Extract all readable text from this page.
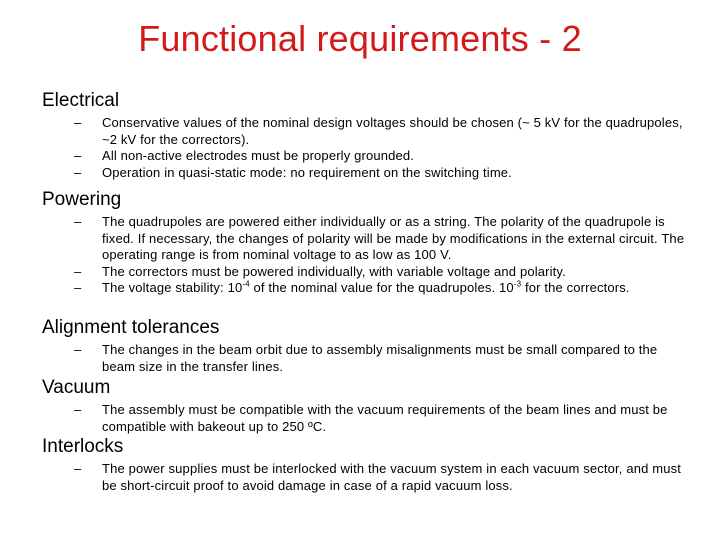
Functional requirements - 2
Electrical
– Conservative values of the nominal design voltages should be chosen (~ 5 kV for the quadrupoles, ~2 kV for the correctors).
– All non-active electrodes must be properly grounded.
– Operation in quasi-static mode: no requirement on the switching time.
Powering
– The quadrupoles are powered either individually or as a string. The polarity of the quadrupole is fixed. If necessary, the changes of polarity will be made by modifications in the external circuit. The operating range is from nominal voltage to as low as 100 V.
– The correctors must be powered individually, with variable voltage and polarity.
– The voltage stability: $10^{-4}$ of the nominal value for the quadrupoles. $10^{-3}$ for the correctors.
Alignment tolerances
– The changes in the beam orbit due to assembly misalignments must be small compared to the beam size in the transfer lines.
Vacuum
– The assembly must be compatible with the vacuum requirements of the beam lines and must be compatible with bakeout up to 250 ºC.
Interlocks
– The power supplies must be interlocked with the vacuum system in each vacuum sector, and must be short-circuit proof to avoid damage in case of a rapid vacuum loss.
